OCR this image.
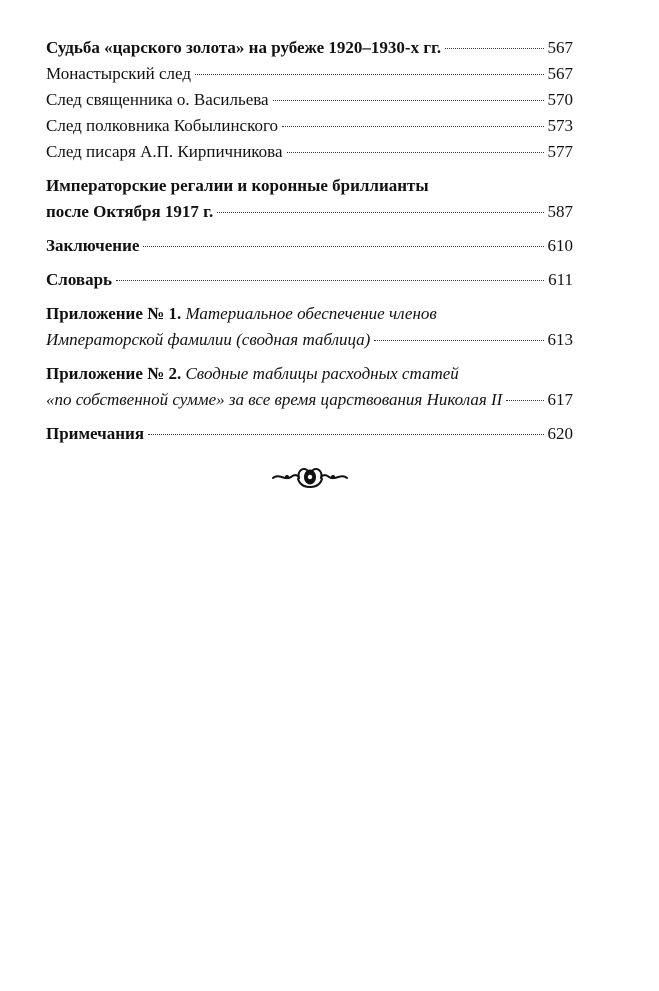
Судьба «царского золота» на рубеже 1920–1930-х гг.	567
Монастырский след	567
След священника о. Васильева	570
След полковника Кобылинского	573
След писаря А.П. Кирпичникова	577
Императорские регалии и коронные бриллианты
после Октября 1917 г.	587
Заключение	610
Словарь	611
Приложение № 1. Материальное обеспечение членов
Императорской фамилии (сводная таблица)	613
Приложение № 2. Сводные таблицы расходных статей
«по собственной сумме» за все время царствования Николая II	617
Примечания	620
